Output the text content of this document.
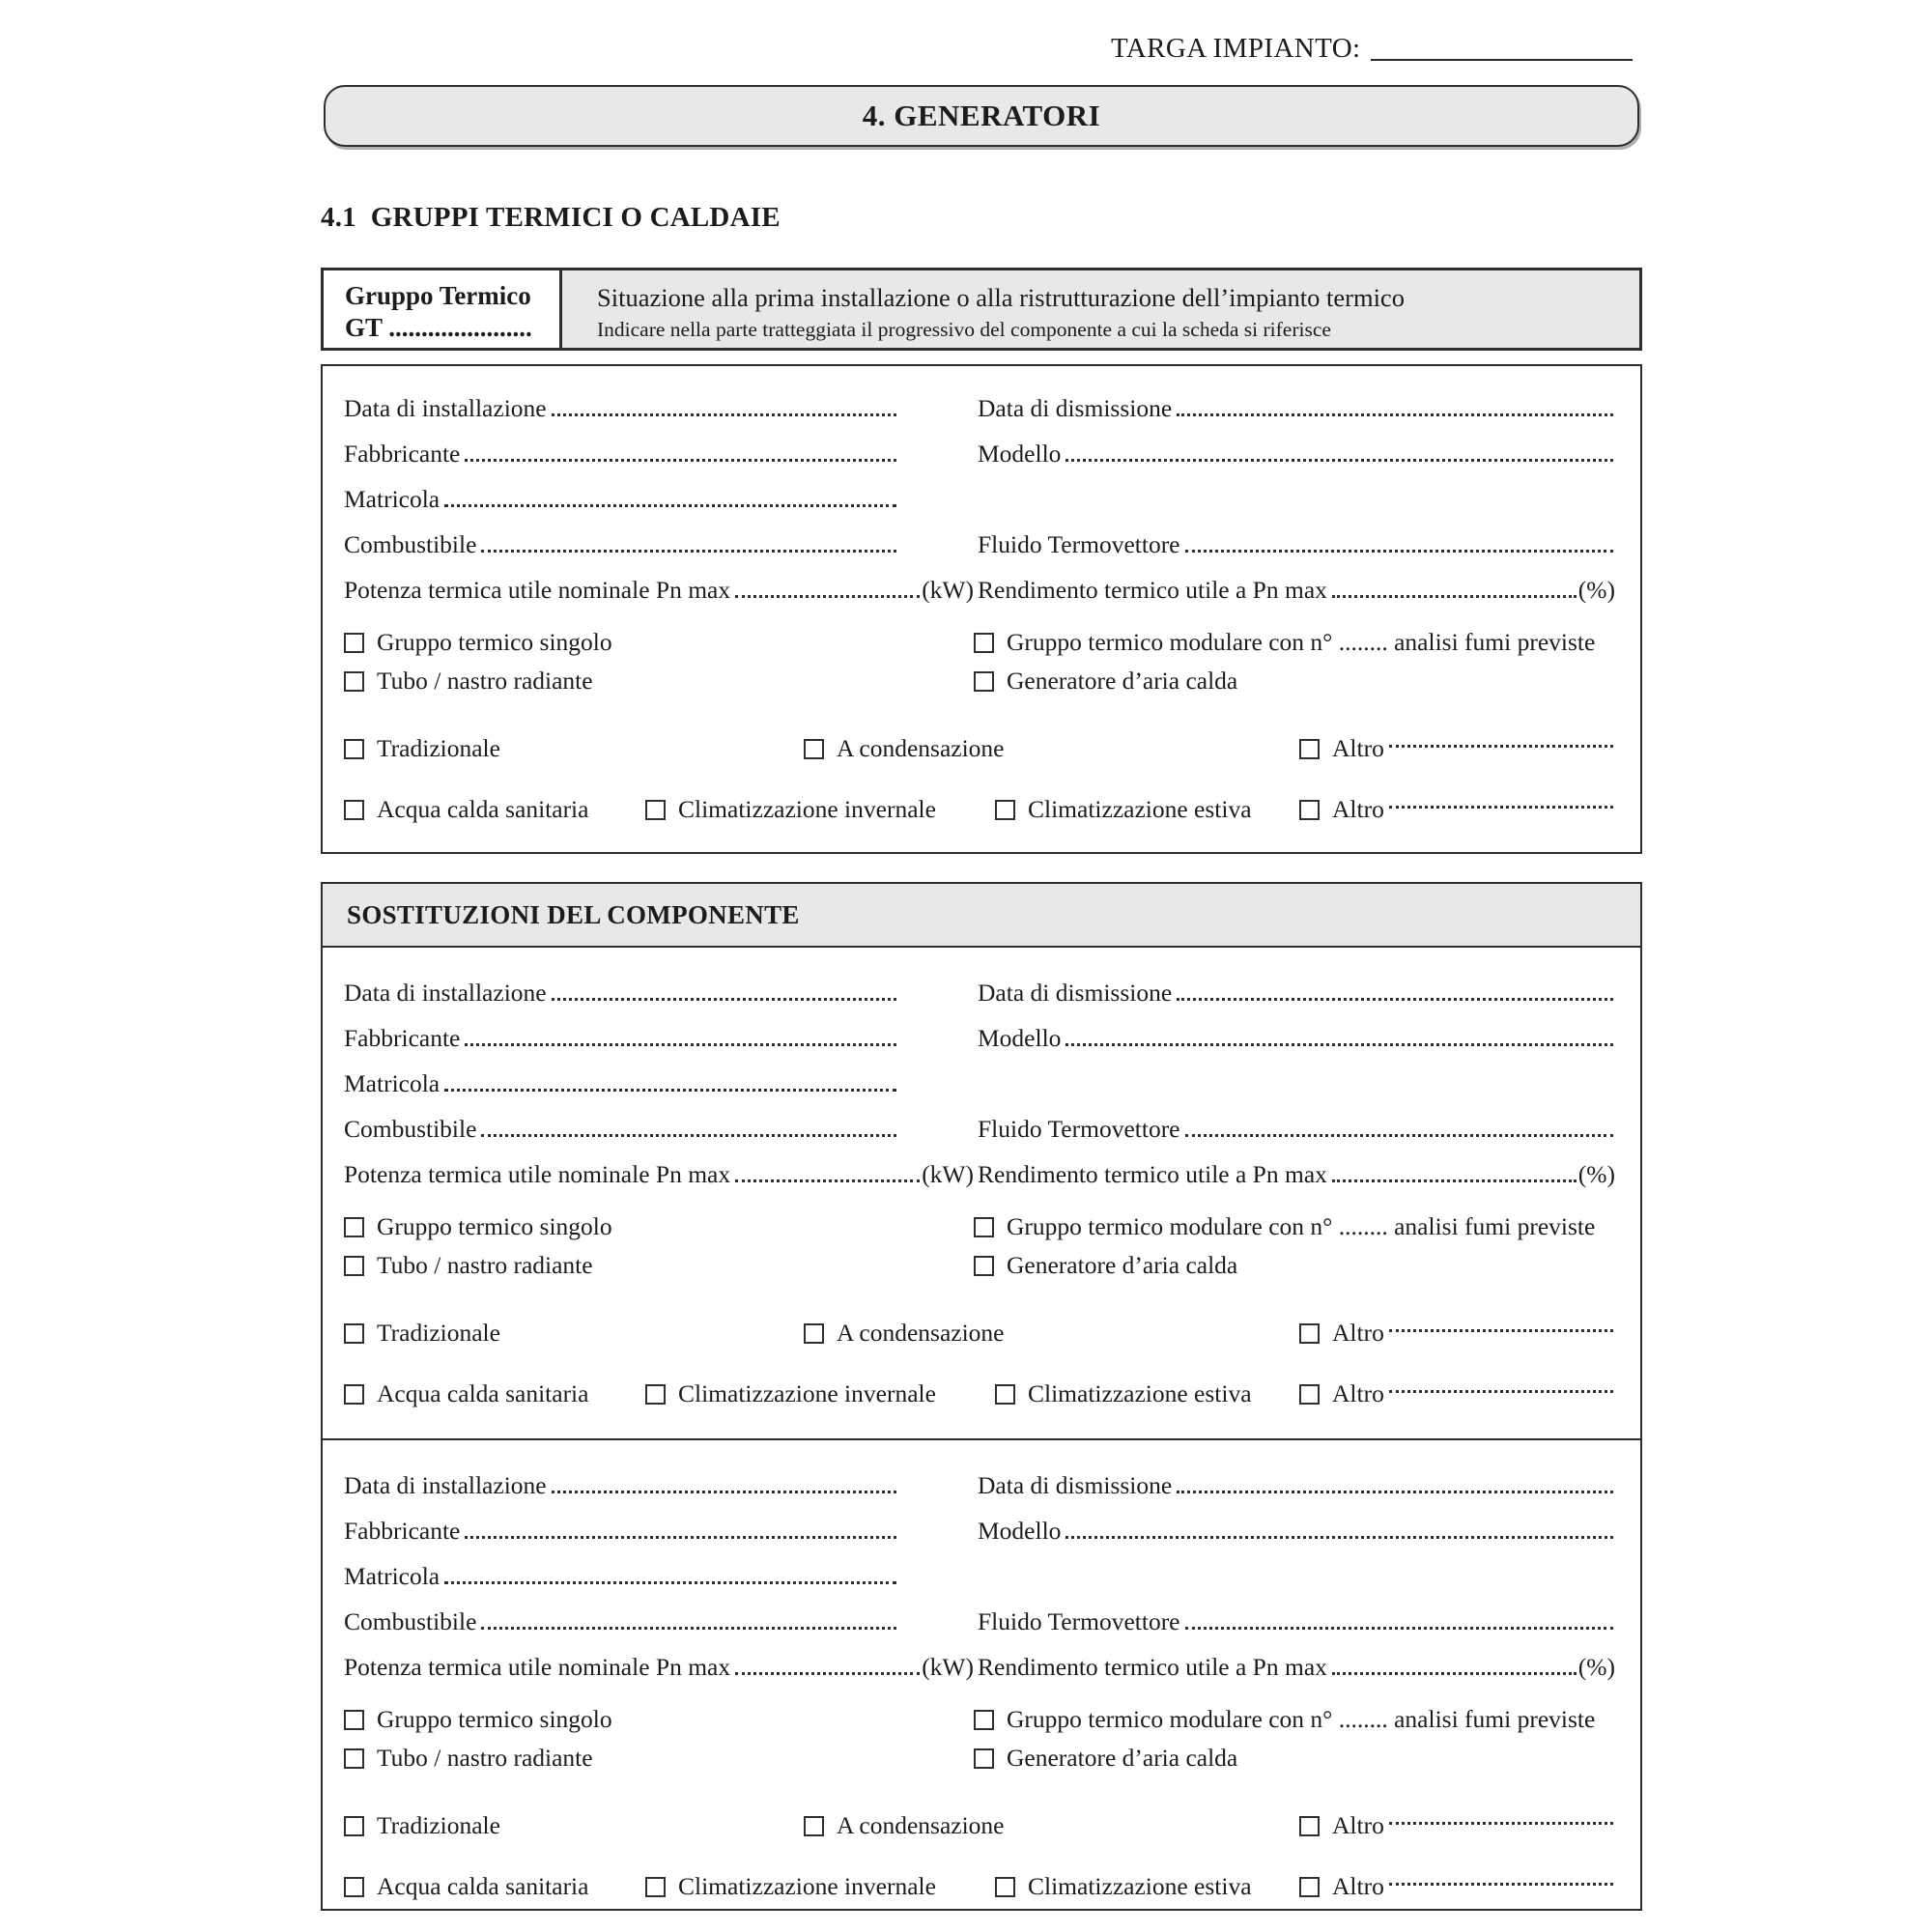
TARGA IMPIANTO:
4. GENERATORI
4.1  GRUPPI TERMICI O CALDAIE
Gruppo Termico
GT ......................
Situazione alla prima installazione o alla ristrutturazione dell’impianto termico
Indicare nella parte tratteggiata il progressivo del componente a cui la scheda si riferisce
Data di installazione	Data di dismissione
Fabbricante	Modello
Matricola
Combustibile	Fluido Termovettore
Potenza termica utile nominale Pn max	(kW) Rendimento termico utile a Pn max	(%)
Gruppo termico singolo	Gruppo termico modulare con n° ........ analisi fumi previste
Tubo / nastro radiante	Generatore d’aria calda
Tradizionale	A condensazione	Altro
Acqua calda sanitaria	Climatizzazione invernale	Climatizzazione estiva	Altro
SOSTITUZIONI DEL COMPONENTE
Data di installazione	Data di dismissione
Fabbricante	Modello
Matricola
Combustibile	Fluido Termovettore
Potenza termica utile nominale Pn max	(kW) Rendimento termico utile a Pn max	(%)
Gruppo termico singolo	Gruppo termico modulare con n° ........ analisi fumi previste
Tubo / nastro radiante	Generatore d’aria calda
Tradizionale	A condensazione	Altro
Acqua calda sanitaria	Climatizzazione invernale	Climatizzazione estiva	Altro
Data di installazione	Data di dismissione
Fabbricante	Modello
Matricola
Combustibile	Fluido Termovettore
Potenza termica utile nominale Pn max	(kW) Rendimento termico utile a Pn max	(%)
Gruppo termico singolo	Gruppo termico modulare con n° ........ analisi fumi previste
Tubo / nastro radiante	Generatore d’aria calda
Tradizionale	A condensazione	Altro
Acqua calda sanitaria	Climatizzazione invernale	Climatizzazione estiva	Altro
